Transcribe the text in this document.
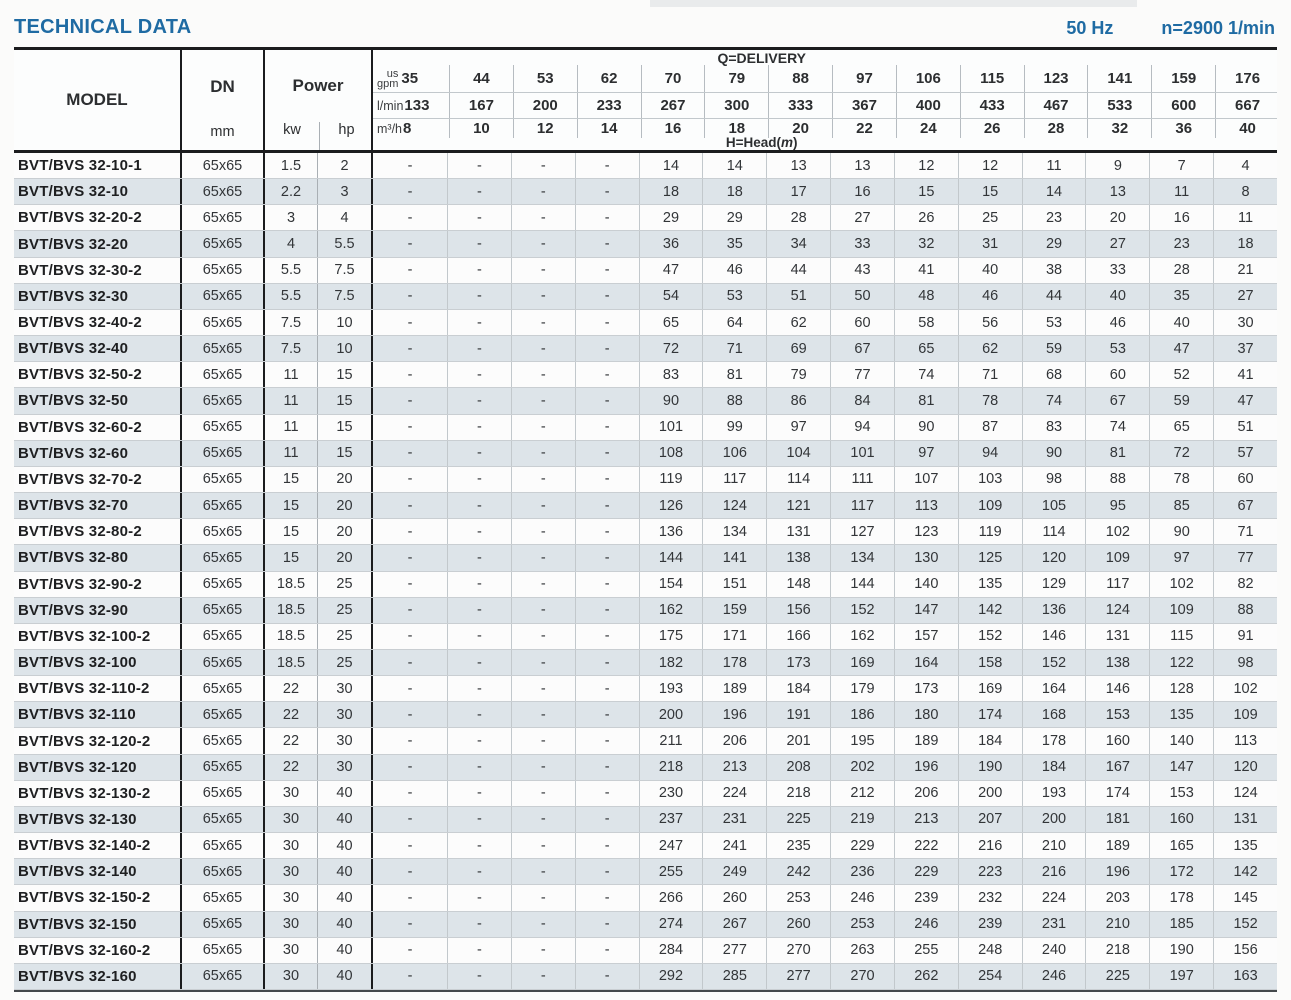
TECHNICAL DATA	50 Hz	n=2900 1/min
MODEL
DN
mm
Power
kw	hp
Q=DELIVERY
us
gpm 35	44	53	62	70	79	88	97	106	115	123	141	159	176
l/min 133	167	200	233	267	300	333	367	400	433	467	533	600	667
m³/h 8	10	12	14	16	18	20	22	24	26	28	32	36	40
H=Head(m)
BVT/BVS 32-10-1	65x65	1.5	2	-	-	-	-	14	14	13	13	12	12	11	9	7	4
BVT/BVS 32-10	65x65	2.2	3	-	-	-	-	18	18	17	16	15	15	14	13	11	8
BVT/BVS 32-20-2	65x65	3	4	-	-	-	-	29	29	28	27	26	25	23	20	16	11
BVT/BVS 32-20	65x65	4	5.5	-	-	-	-	36	35	34	33	32	31	29	27	23	18
BVT/BVS 32-30-2	65x65	5.5	7.5	-	-	-	-	47	46	44	43	41	40	38	33	28	21
BVT/BVS 32-30	65x65	5.5	7.5	-	-	-	-	54	53	51	50	48	46	44	40	35	27
BVT/BVS 32-40-2	65x65	7.5	10	-	-	-	-	65	64	62	60	58	56	53	46	40	30
BVT/BVS 32-40	65x65	7.5	10	-	-	-	-	72	71	69	67	65	62	59	53	47	37
BVT/BVS 32-50-2	65x65	11	15	-	-	-	-	83	81	79	77	74	71	68	60	52	41
BVT/BVS 32-50	65x65	11	15	-	-	-	-	90	88	86	84	81	78	74	67	59	47
BVT/BVS 32-60-2	65x65	11	15	-	-	-	-	101	99	97	94	90	87	83	74	65	51
BVT/BVS 32-60	65x65	11	15	-	-	-	-	108	106	104	101	97	94	90	81	72	57
BVT/BVS 32-70-2	65x65	15	20	-	-	-	-	119	117	114	111	107	103	98	88	78	60
BVT/BVS 32-70	65x65	15	20	-	-	-	-	126	124	121	117	113	109	105	95	85	67
BVT/BVS 32-80-2	65x65	15	20	-	-	-	-	136	134	131	127	123	119	114	102	90	71
BVT/BVS 32-80	65x65	15	20	-	-	-	-	144	141	138	134	130	125	120	109	97	77
BVT/BVS 32-90-2	65x65	18.5	25	-	-	-	-	154	151	148	144	140	135	129	117	102	82
BVT/BVS 32-90	65x65	18.5	25	-	-	-	-	162	159	156	152	147	142	136	124	109	88
BVT/BVS 32-100-2	65x65	18.5	25	-	-	-	-	175	171	166	162	157	152	146	131	115	91
BVT/BVS 32-100	65x65	18.5	25	-	-	-	-	182	178	173	169	164	158	152	138	122	98
BVT/BVS 32-110-2	65x65	22	30	-	-	-	-	193	189	184	179	173	169	164	146	128	102
BVT/BVS 32-110	65x65	22	30	-	-	-	-	200	196	191	186	180	174	168	153	135	109
BVT/BVS 32-120-2	65x65	22	30	-	-	-	-	211	206	201	195	189	184	178	160	140	113
BVT/BVS 32-120	65x65	22	30	-	-	-	-	218	213	208	202	196	190	184	167	147	120
BVT/BVS 32-130-2	65x65	30	40	-	-	-	-	230	224	218	212	206	200	193	174	153	124
BVT/BVS 32-130	65x65	30	40	-	-	-	-	237	231	225	219	213	207	200	181	160	131
BVT/BVS 32-140-2	65x65	30	40	-	-	-	-	247	241	235	229	222	216	210	189	165	135
BVT/BVS 32-140	65x65	30	40	-	-	-	-	255	249	242	236	229	223	216	196	172	142
BVT/BVS 32-150-2	65x65	30	40	-	-	-	-	266	260	253	246	239	232	224	203	178	145
BVT/BVS 32-150	65x65	30	40	-	-	-	-	274	267	260	253	246	239	231	210	185	152
BVT/BVS 32-160-2	65x65	30	40	-	-	-	-	284	277	270	263	255	248	240	218	190	156
BVT/BVS 32-160	65x65	30	40	-	-	-	-	292	285	277	270	262	254	246	225	197	163
